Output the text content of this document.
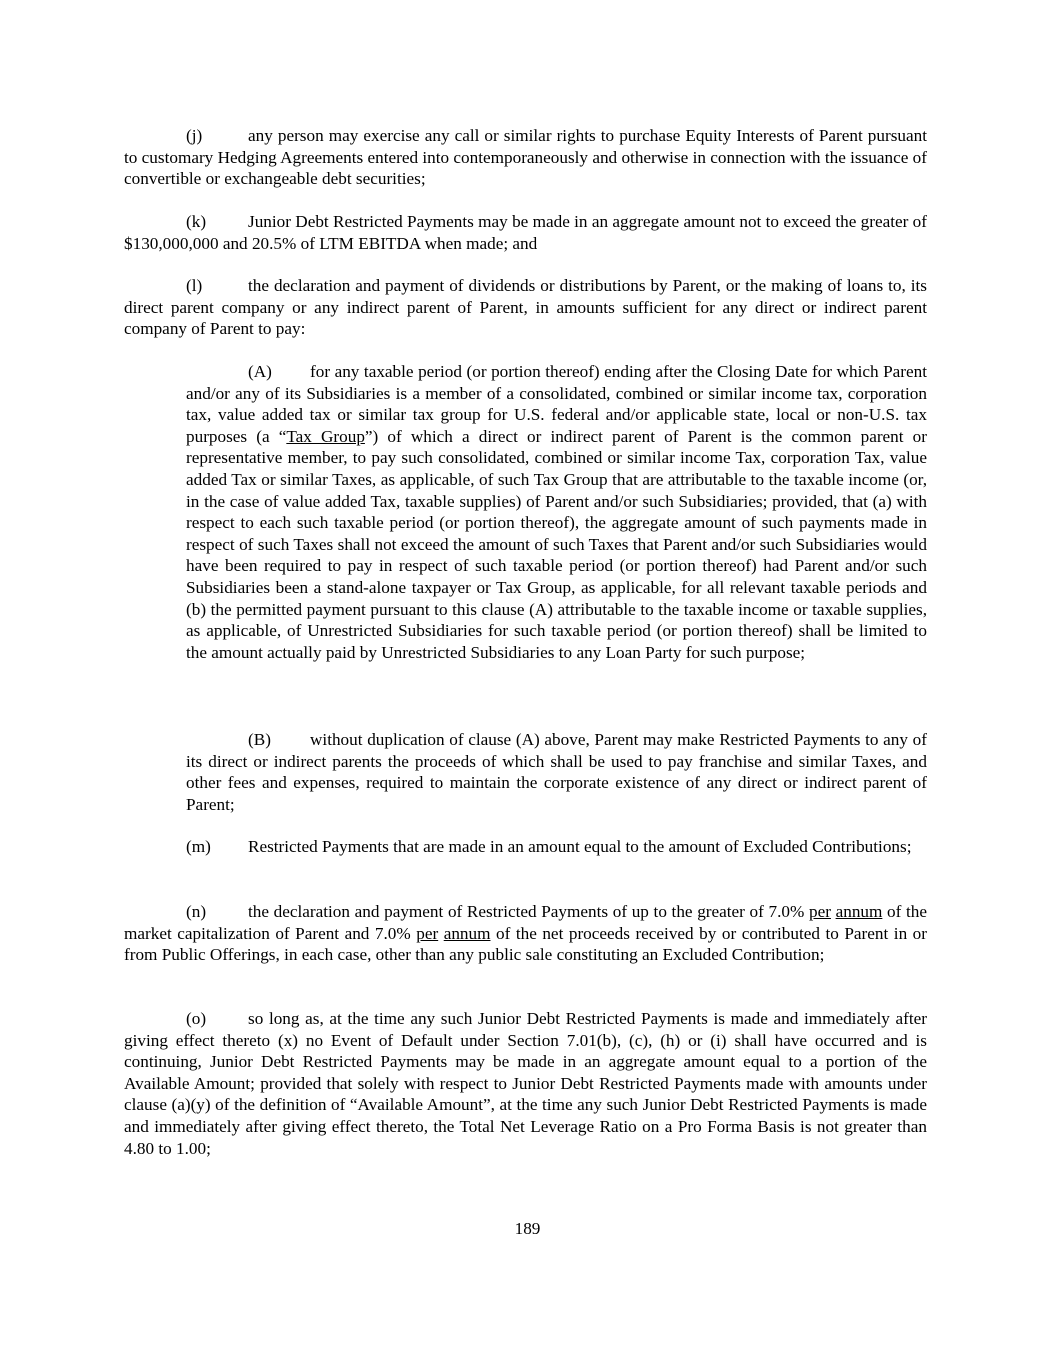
(j)	any person may exercise any call or similar rights to purchase Equity Interests of Parent pursuant to customary Hedging Agreements entered into contemporaneously and otherwise in connection with the issuance of convertible or exchangeable debt securities;

(k) Junior Debt Restricted Payments may be made in an aggregate amount not to exceed the greater of $130,000,000 and 20.5% of LTM EBITDA when made; and

(l)	the declaration and payment of dividends or distributions by Parent, or the making of loans to, its direct parent company or any indirect parent of Parent, in amounts sufficient for any direct or indirect parent company of Parent to pay:

(A) for any taxable period (or portion thereof) ending after the Closing Date for which Parent and/or any of its Subsidiaries is a member of a consolidated, combined or similar income tax, corporation tax, value added tax or similar tax group for U.S. federal and/or applicable state, local or non-U.S. tax purposes (a “Tax Group”) of which a direct or indirect parent of Parent is the common parent or representative member, to pay such consolidated, combined or similar income Tax, corporation Tax, value added Tax or similar Taxes, as applicable, of such Tax Group that are attributable to the taxable income (or, in the case of value added Tax, taxable supplies) of Parent and/or such Subsidiaries; provided, that (a) with respect to each such taxable period (or portion thereof), the aggregate amount of such payments made in respect of such Taxes shall not exceed the amount of such Taxes that Parent and/or such Subsidiaries would have been required to pay in respect of such taxable period (or portion thereof) had Parent and/or such Subsidiaries been a stand-alone taxpayer or Tax Group, as applicable, for all relevant taxable periods and (b) the permitted payment pursuant to this clause (A) attributable to the taxable income or taxable supplies, as applicable, of Unrestricted Subsidiaries for such taxable period (or portion thereof) shall be limited to the amount actually paid by Unrestricted Subsidiaries to any Loan Party for such purpose;

(B) without duplication of clause (A) above, Parent may make Restricted Payments to any of its direct or indirect parents the proceeds of which shall be used to pay franchise and similar Taxes, and other fees and expenses, required to maintain the corporate existence of any direct or indirect parent of Parent;

(m) Restricted Payments that are made in an amount equal to the amount of Excluded Contributions;

(n) the declaration and payment of Restricted Payments of up to the greater of 7.0% per annum of the market capitalization of Parent and 7.0% per annum of the net proceeds received by or contributed to Parent in or from Public Offerings, in each case, other than any public sale constituting an Excluded Contribution;

(o) so long as, at the time any such Junior Debt Restricted Payments is made and immediately after giving effect thereto (x) no Event of Default under Section 7.01(b), (c), (h) or (i) shall have occurred and is continuing, Junior Debt Restricted Payments may be made in an aggregate amount equal to a portion of the Available Amount; provided that solely with respect to Junior Debt Restricted Payments made with amounts under clause (a)(y) of the definition of “Available Amount”, at the time any such Junior Debt Restricted Payments is made and immediately after giving effect thereto, the Total Net Leverage Ratio on a Pro Forma Basis is not greater than 4.80 to 1.00;

189
